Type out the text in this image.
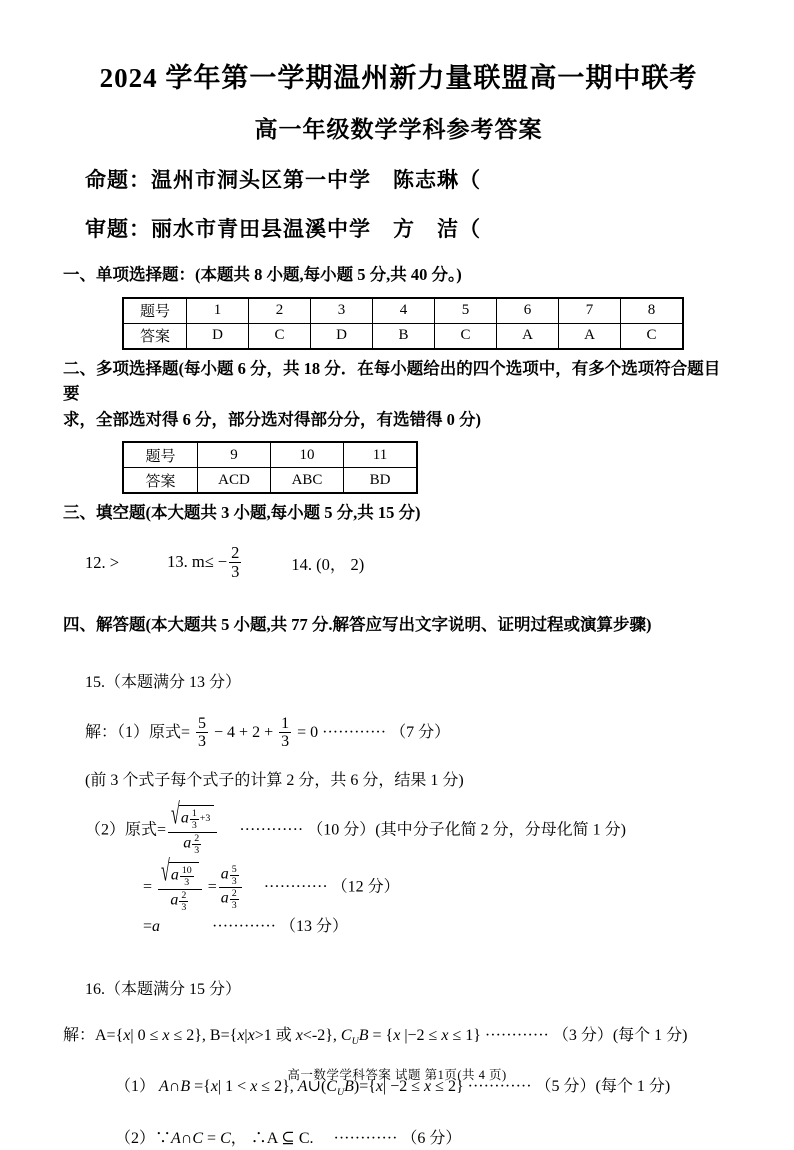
2024 学年第一学期温州新力量联盟高一期中联考
高一年级数学学科参考答案

命题：温州市洞头区第一中学　陈志琳（

审题：丽水市青田县温溪中学　方　洁（

一、单项选择题：(本题共 8 小题,每小题 5 分,共 40 分。)

题号	1	2	3	4	5	6	7	8
答案	D	C	D	B	C	A	A	C

二、多项选择题(每小题 6 分，共 18 分．在每小题给出的四个选项中，有多个选项符合题目要

求，全部选对得 6 分，部分选对得部分分，有选错得 0 分)

题号	9	10	11
答案	ACD	ABC	BD

三、填空题(本大题共 3 小题,每小题 5 分,共 15 分)

12. >	13. $m\le - \frac{2}{3}$	14. (0， 2)

四、解答题(本大题共 5 小题,共 77 分.解答应写出文字说明、证明过程或演算步骤)

15.（本题满分 13 分）

解：（1）原式= $\frac{5}{3} - 4 + 2 + \frac{1}{3} = 0$ ············ （7 分）

(前 3 个式子每个式子的计算 2 分，共 6 分，结果 1 分)

（2）原式= √ a $^{\frac{1}{3} +3}$
a $^{\frac{2}{3}}$ 　 ············ （10 分）(其中分子化简 2 分，分母化简 1 分)

= √ a $^{\frac{10}{3}}$
a $^{\frac{2}{3}}$ = a $^{\frac{5}{3}}$
a $^{\frac{2}{3}}$ 　 ············ （12 分）

=a　　　 ············ （13 分）

16.（本题满分 15 分）

解：A={x| 0 ≤ x ≤ 2}, B={x|x>1 或 x<-2}, $C_UB = \{x$ |−2 ≤ x ≤ 1} ············ （3 分）(每个 1 分)

（1） A∩B ={x| 1 < x ≤ 2}, $A\cup(C_UB)=\{x| -2 \le x \le 2\}$ ············ （5 分）(每个 1 分)

（2）∵A∩C = C， ∴A ⊆ C.　 ············ （6 分）

高一数学学科答案 试题 第1页(共 4 页)
